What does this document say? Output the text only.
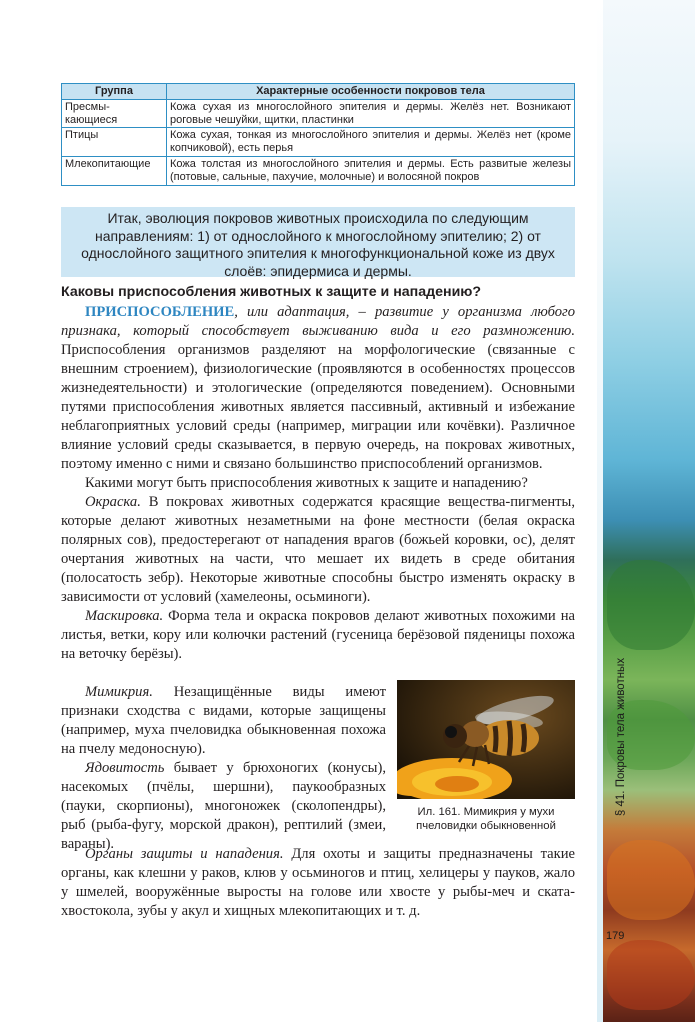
§ 41. Покровы тела животных
179
Группа	Характерные особенности покровов тела
Пресмы-
кающиеся	Кожа сухая из многослойного эпителия и дермы. Желёз нет. Возникают роговые чешуйки, щитки, пластинки
Птицы	Кожа сухая, тонкая из многослойного эпителия и дермы. Желёз нет (кроме копчиковой), есть перья
Млекопитающие	Кожа толстая из многослойного эпителия и дермы. Есть развитые железы (потовые, сальные, пахучие, молочные) и волосяной покров
Итак, эволюция покровов животных происходила по следующим направлениям: 1) от однослойного к многослойному эпителию; 2) от однослойного защитного эпителия к многофункциональной коже из двух слоёв: эпидермиса и дермы.
Каковы приспособления животных к защите и нападению?

ПРИСПОСОБЛЕНИЕ, или адаптация, – развитие у организма любого признака, который способствует выживанию вида и его размножению. Приспособления организмов разделяют на морфологические (связанные с внешним строением), физиологические (проявляются в особенностях процессов жизнедеятельности) и этологические (определяются поведением). Основными путями приспособления животных является пассивный, активный и избежание неблагоприятных условий среды (например, миграции или кочёвки). Различное влияние условий среды сказывается, в первую очередь, на покровах животных, поэтому именно с ними и связано большинство приспособлений организмов.

Какими могут быть приспособления животных к защите и нападению?

Окраска. В покровах животных содержатся красящие вещества-пигменты, которые делают животных незаметными на фоне местности (белая окраска полярных сов), предостерегают от нападения врагов (божьей коровки, ос), делят очертания животных на части, что мешает их видеть в среде обитания (полосатость зебр). Некоторые животные способны быстро изменять окраску в зависимости от условий (хамелеоны, осьминоги).

Маскировка. Форма тела и окраска покровов делают животных похожими на листья, ветки, кору или колючки растений (гусеница берёзовой пяденицы похожа на веточку берёзы).

Мимикрия. Незащищённые виды имеют признаки сходства с видами, которые защищены (например, муха пчеловидка обыкновенная похожа на пчелу медоносную).

Ядовитость бывает у брюхоногих (конусы), насекомых (пчёлы, шершни), паукообразных (пауки, скорпионы), многоножек (сколопендры), рыб (рыба-фугу, морской дракон), рептилий (змеи, вараны).

Ил. 161. Мимикрия у мухи пчеловидки обыкновенной

Органы защиты и нападения. Для охоты и защиты предназначены такие органы, как клешни у раков, клюв у осьминогов и птиц, хелицеры у пауков, жало у шмелей, вооружённые выросты на голове или хвосте у рыбы-меч и ската-хвостокола, зубы у акул и хищных млекопитающих и т. д.
